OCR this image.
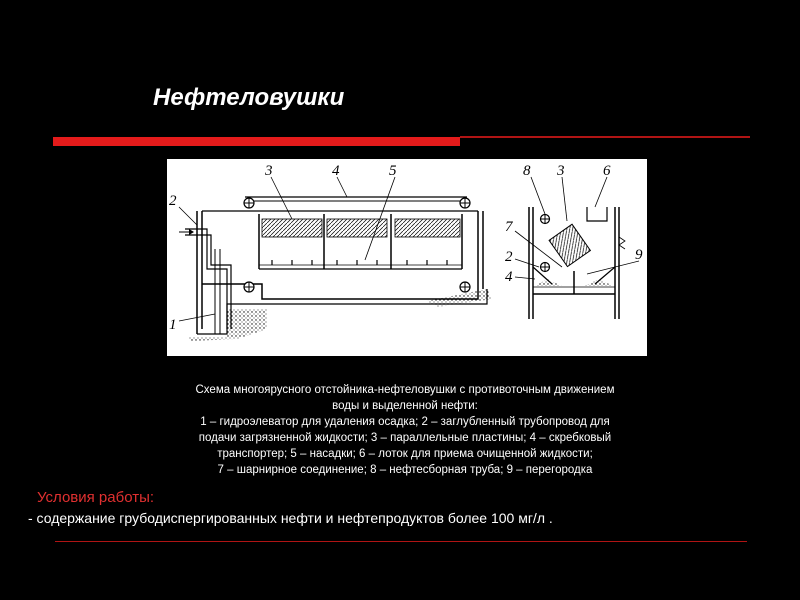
Нефтеловушки
3	4	5
2
1
8 3	6
7
2
4
9
Схема многоярусного отстойника-нефтеловушки с противоточным движением
воды и выделенной нефти:
1 – гидроэлеватор для удаления осадка; 2 – заглубленный трубопровод для
подачи загрязненной жидкости; 3 – параллельные пластины; 4 – скребковый
транспортер; 5 – насадки; 6 – лоток для приема очищенной жидкости;
7 – шарнирное соединение; 8 – нефтесборная труба; 9 – перегородка
Условия работы:
- содержание грубодиспергированных нефти и нефтепродуктов более 100 мг/л .
